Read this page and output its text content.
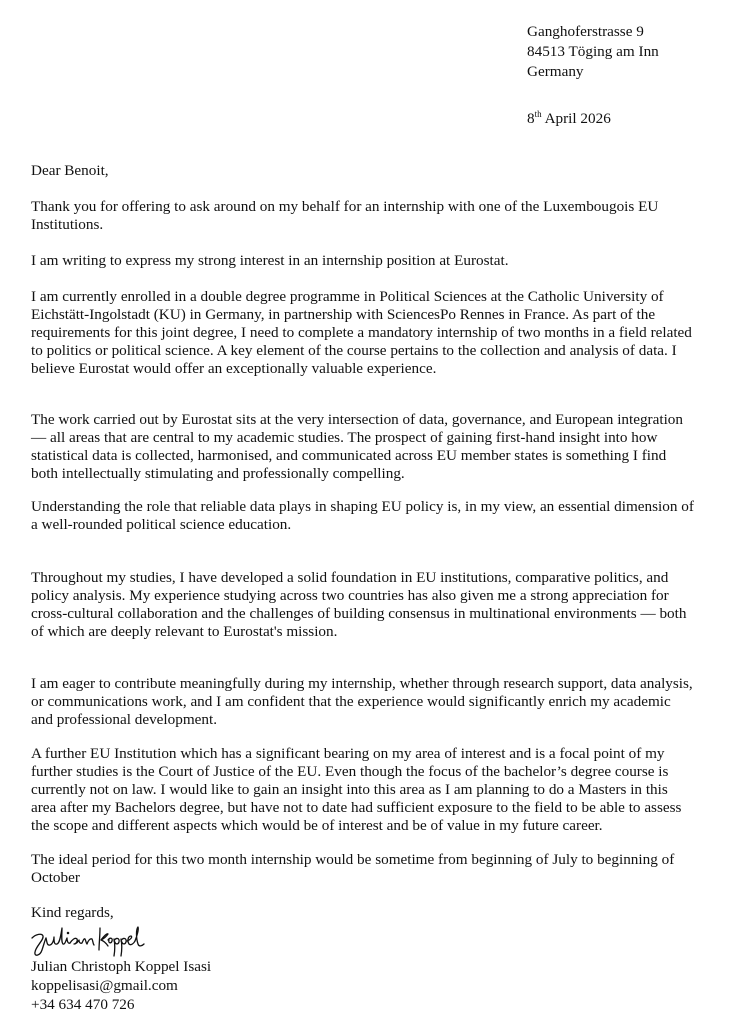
Ganghoferstrasse 9
84513 Töging am Inn
Germany
8th April 2026
Dear Benoit,
Thank you for offering to ask around on my behalf for an internship with one of the Luxembougois EU
Institutions.
I am writing to express my strong interest in an internship position at Eurostat.
I am currently enrolled in a double degree programme in Political Sciences at the Catholic University of
Eichstätt-Ingolstadt (KU) in Germany, in partnership with SciencesPo Rennes in France. As part of the
requirements for this joint degree, I need to complete a mandatory internship of two months in a field related
to politics or political science. A key element of the course pertains to the collection and analysis of data. I
believe Eurostat would offer an exceptionally valuable experience.
The work carried out by Eurostat sits at the very intersection of data, governance, and European integration
— all areas that are central to my academic studies. The prospect of gaining first-hand insight into how
statistical data is collected, harmonised, and communicated across EU member states is something I find
both intellectually stimulating and professionally compelling.
Understanding the role that reliable data plays in shaping EU policy is, in my view, an essential dimension of
a well-rounded political science education.
Throughout my studies, I have developed a solid foundation in EU institutions, comparative politics, and
policy analysis. My experience studying across two countries has also given me a strong appreciation for
cross-cultural collaboration and the challenges of building consensus in multinational environments — both
of which are deeply relevant to Eurostat's mission.
I am eager to contribute meaningfully during my internship, whether through research support, data analysis,
or communications work, and I am confident that the experience would significantly enrich my academic
and professional development.
A further EU Institution which has a significant bearing on my area of interest and is a focal point of my
further studies is the Court of Justice of the EU. Even though the focus of the bachelor’s degree course is
currently not on law. I would like to gain an insight into this area as I am planning to do a Masters in this
area after my Bachelors degree, but have not to date had sufficient exposure to the field to be able to assess
the scope and different aspects which would be of interest and be of value in my future career.
The ideal period for this two month internship would be sometime from beginning of July to beginning of
October
Kind regards,
Julian Christoph Koppel Isasi
koppelisasi@gmail.com
+34 634 470 726
